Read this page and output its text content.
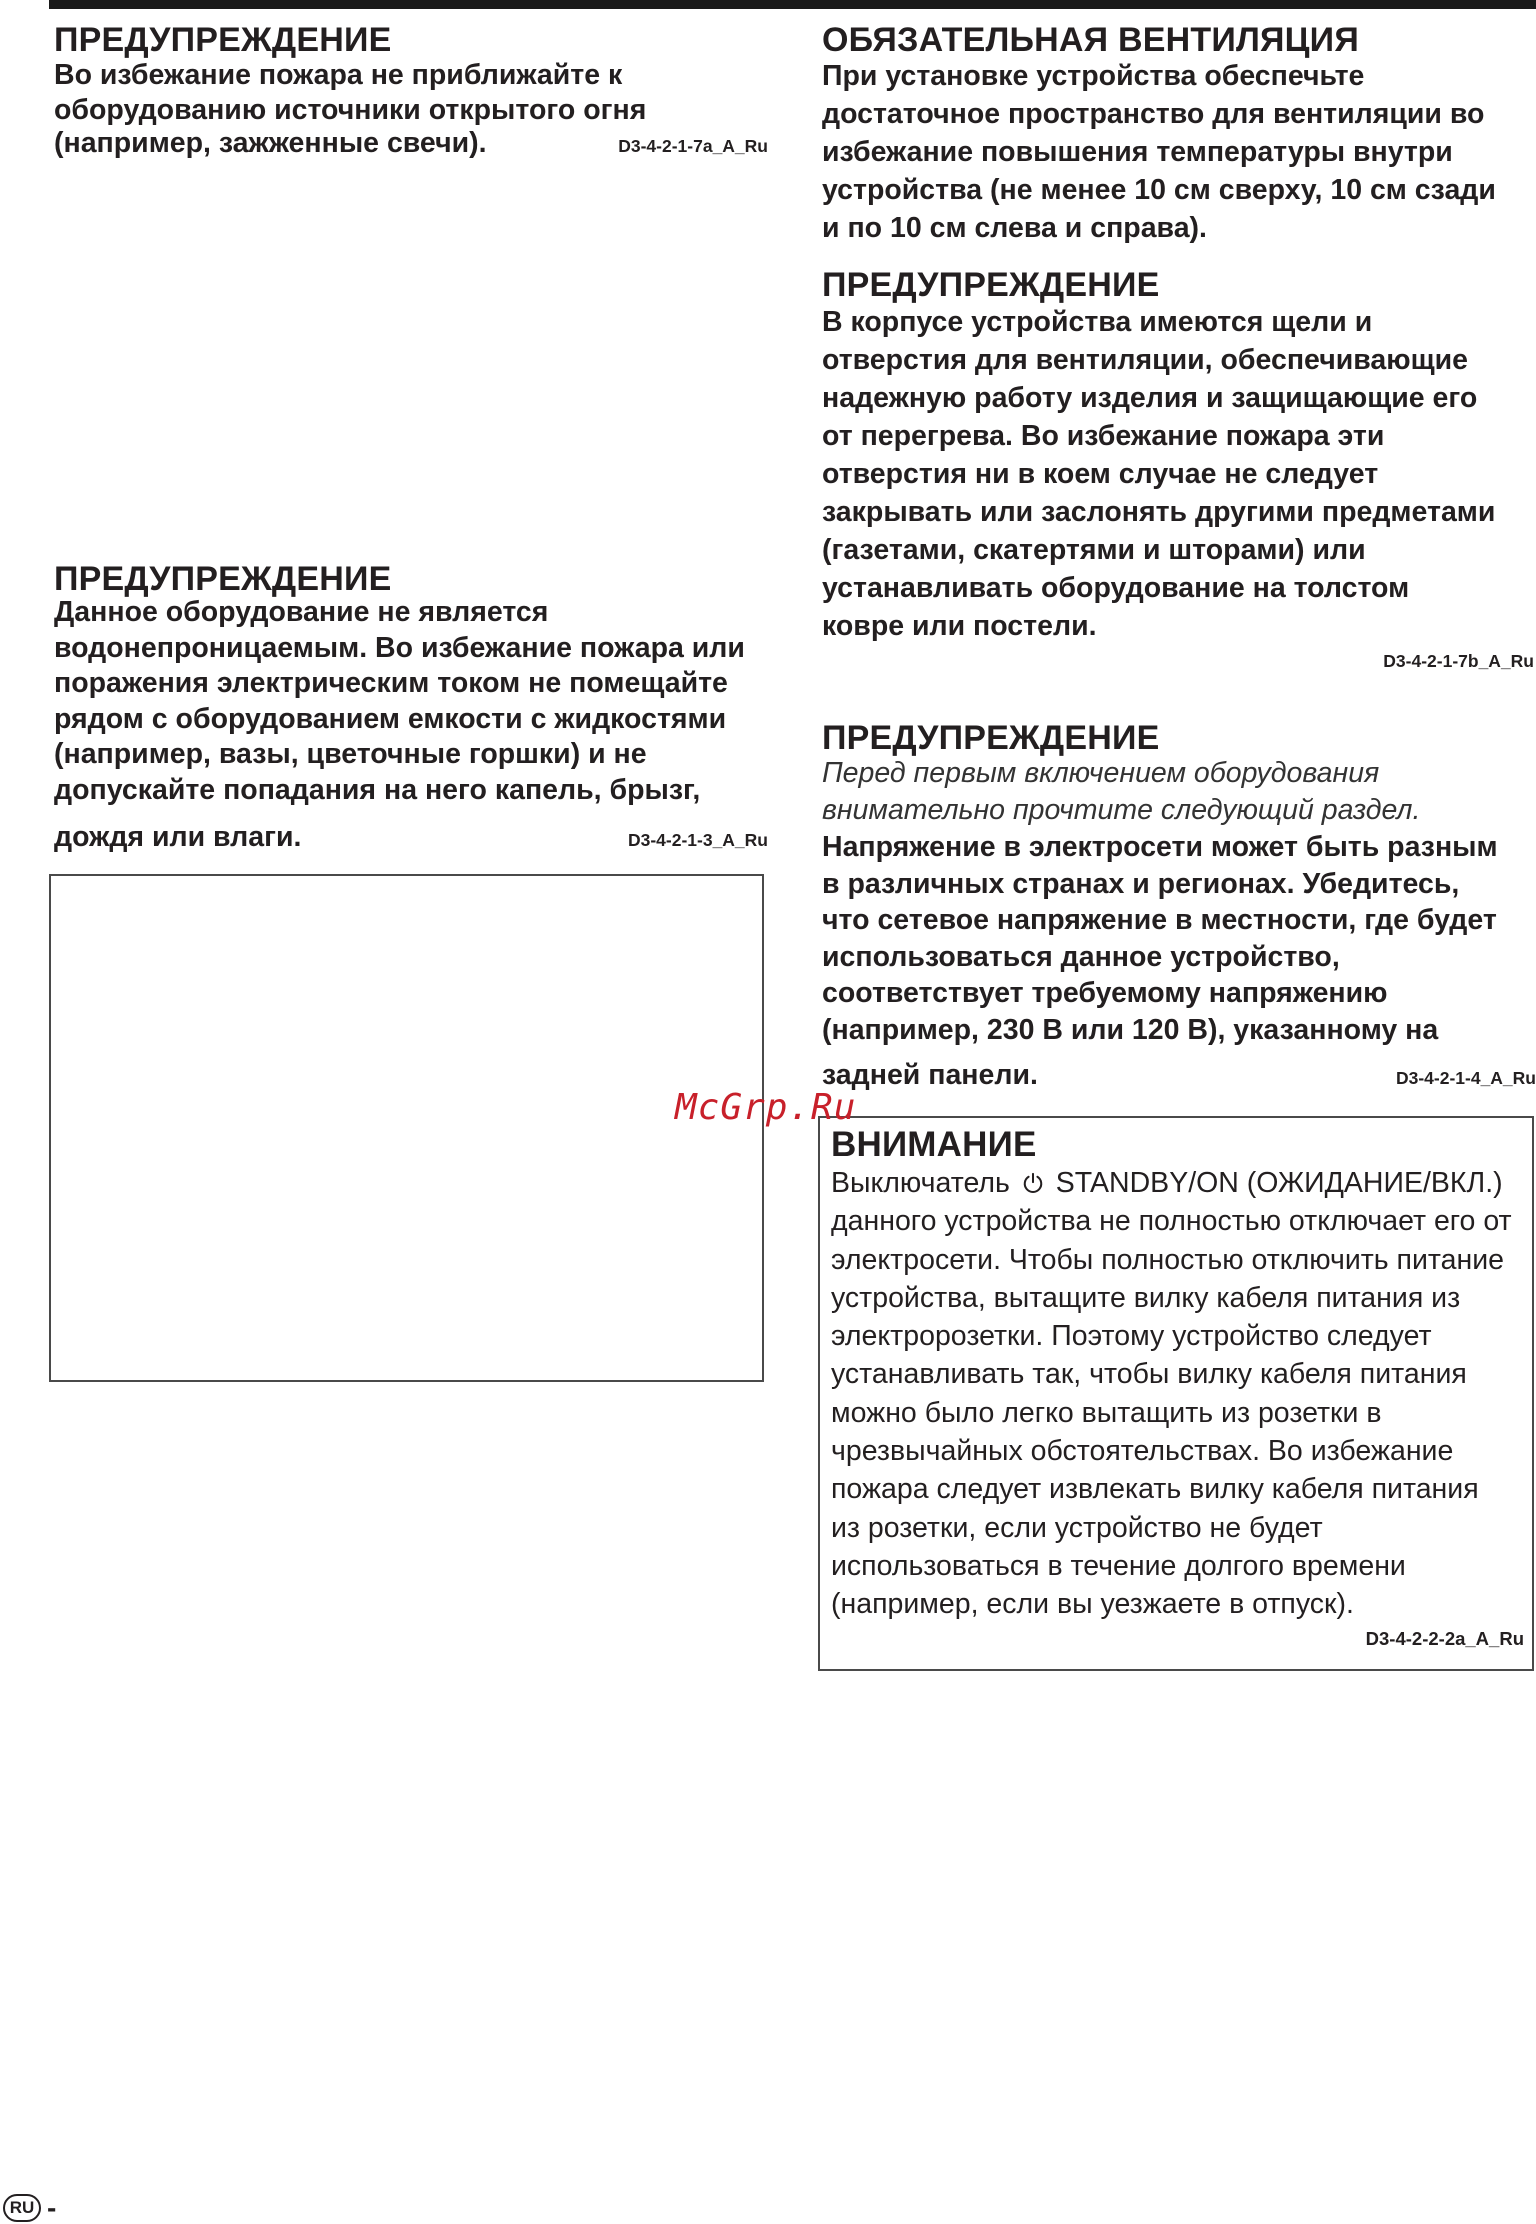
ПРЕДУПРЕЖДЕНИЕ

Во избежание пожара не приближайте к

оборудованию источники открытого огня

(например, зажженные свечи).	D3-4-2-1-7a_A_Ru

ПРЕДУПРЕЖДЕНИЕ

Данное оборудование не является

водонепроницаемым. Во избежание пожара или

поражения электрическим током не помещайте

рядом с оборудованием емкости с жидкостями

(например, вазы, цветочные горшки) и не

допускайте попадания на него капель, брызг,

дождя или влаги.	D3-4-2-1-3_A_Ru

ОБЯЗАТЕЛЬНАЯ ВЕНТИЛЯЦИЯ

При установке устройства обеспечьте

достаточное пространство для вентиляции во

избежание повышения температуры внутри

устройства (не менее 10 см сверху, 10 см сзади

и по 10 см слева и справа).

ПРЕДУПРЕЖДЕНИЕ

В корпусе устройства имеются щели и

отверстия для вентиляции, обеспечивающие

надежную работу изделия и защищающие его

от перегрева. Во избежание пожара эти

отверстия ни в коем случае не следует

закрывать или заслонять другими предметами

(газетами, скатертями и шторами) или

устанавливать оборудование на толстом

ковре или постели.

D3-4-2-1-7b_A_Ru

ПРЕДУПРЕЖДЕНИЕ

Перед первым включением оборудования

внимательно прочтите следующий раздел.

Напряжение в электросети может быть разным

в различных странах и регионах. Убедитесь,

что сетевое напряжение в местности, где будет

использоваться данное устройство,

соответствует требуемому напряжению

(например, 230 В или 120 В), указанному на

задней панели.	D3-4-2-1-4_A_Ru

ВНИМАНИЕ

Выключатель STANDBY/ON (ОЖИДАНИЕ/ВКЛ.)

данного устройства не полностью отключает его от

электросети. Чтобы полностью отключить питание

устройства, вытащите вилку кабеля питания из

электророзетки. Поэтому устройство следует

устанавливать так, чтобы вилку кабеля питания

можно было легко вытащить из розетки в

чрезвычайных обстоятельствах. Во избежание

пожара следует извлекать вилку кабеля питания

из розетки, если устройство не будет

использоваться в течение долгого времени

(например, если вы уезжаете в отпуск).

D3-4-2-2-2a_A_Ru
McGrp.Ru
RU -
